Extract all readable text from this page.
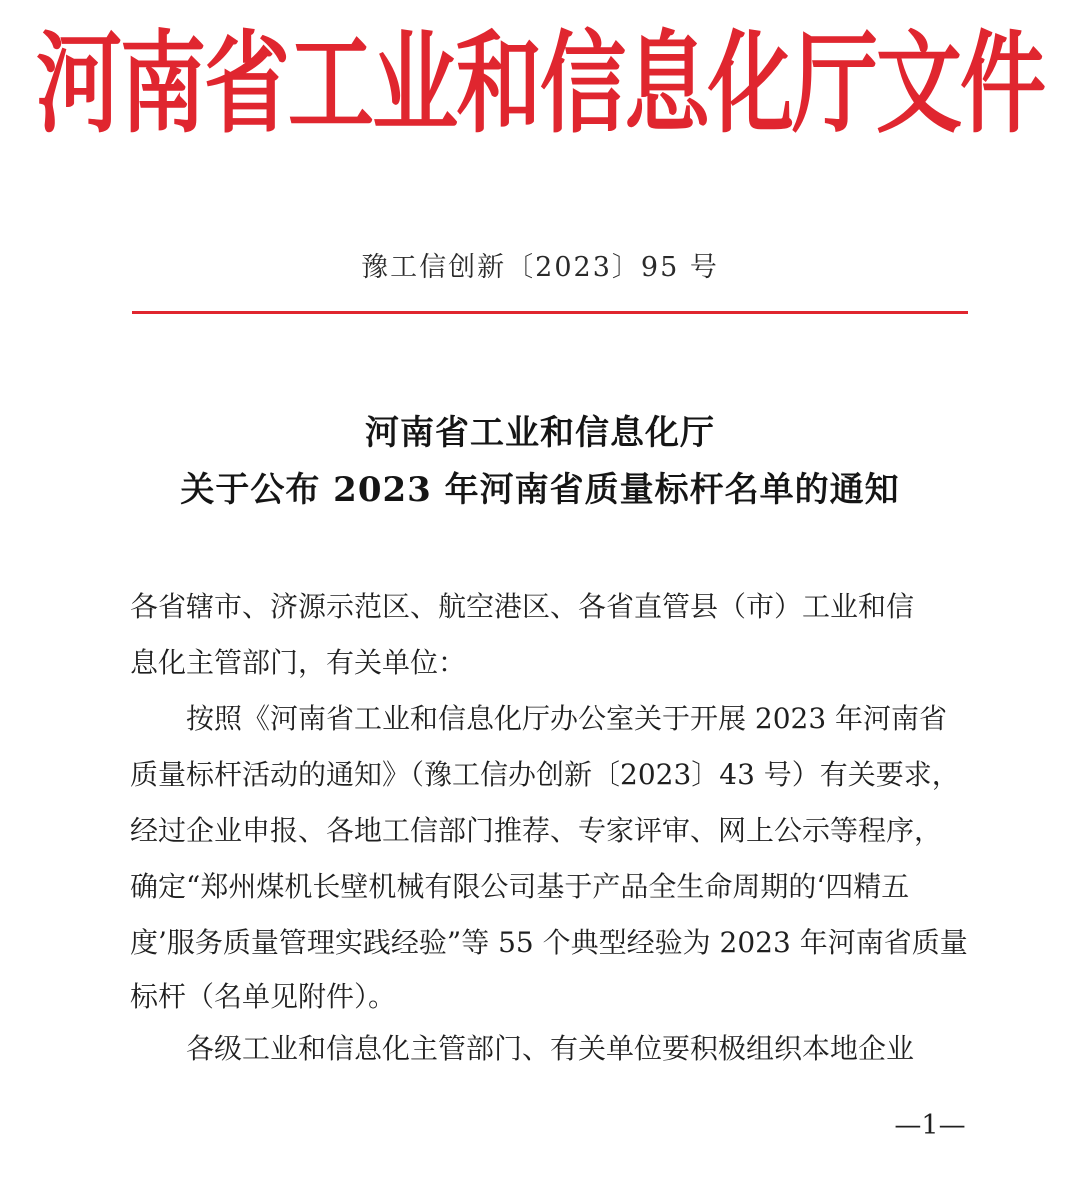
河南省工业和信息化厅文件
豫工信创新〔2023〕95 号
河南省工业和信息化厅
关于公布 2023 年河南省质量标杆名单的通知
各省辖市、济源示范区、航空港区、各省直管县（市）工业和信
息化主管部门，有关单位：
　　按照《河南省工业和信息化厅办公室关于开展 2023 年河南省
质量标杆活动的通知》（豫工信办创新〔2023〕43 号）有关要求，
经过企业申报、各地工信部门推荐、专家评审、网上公示等程序，
确定“郑州煤机长壁机械有限公司基于产品全生命周期的‘四精五
度’服务质量管理实践经验”等 55 个典型经验为 2023 年河南省质量
标杆（名单见附件）。
　　各级工业和信息化主管部门、有关单位要积极组织本地企业
—1—
